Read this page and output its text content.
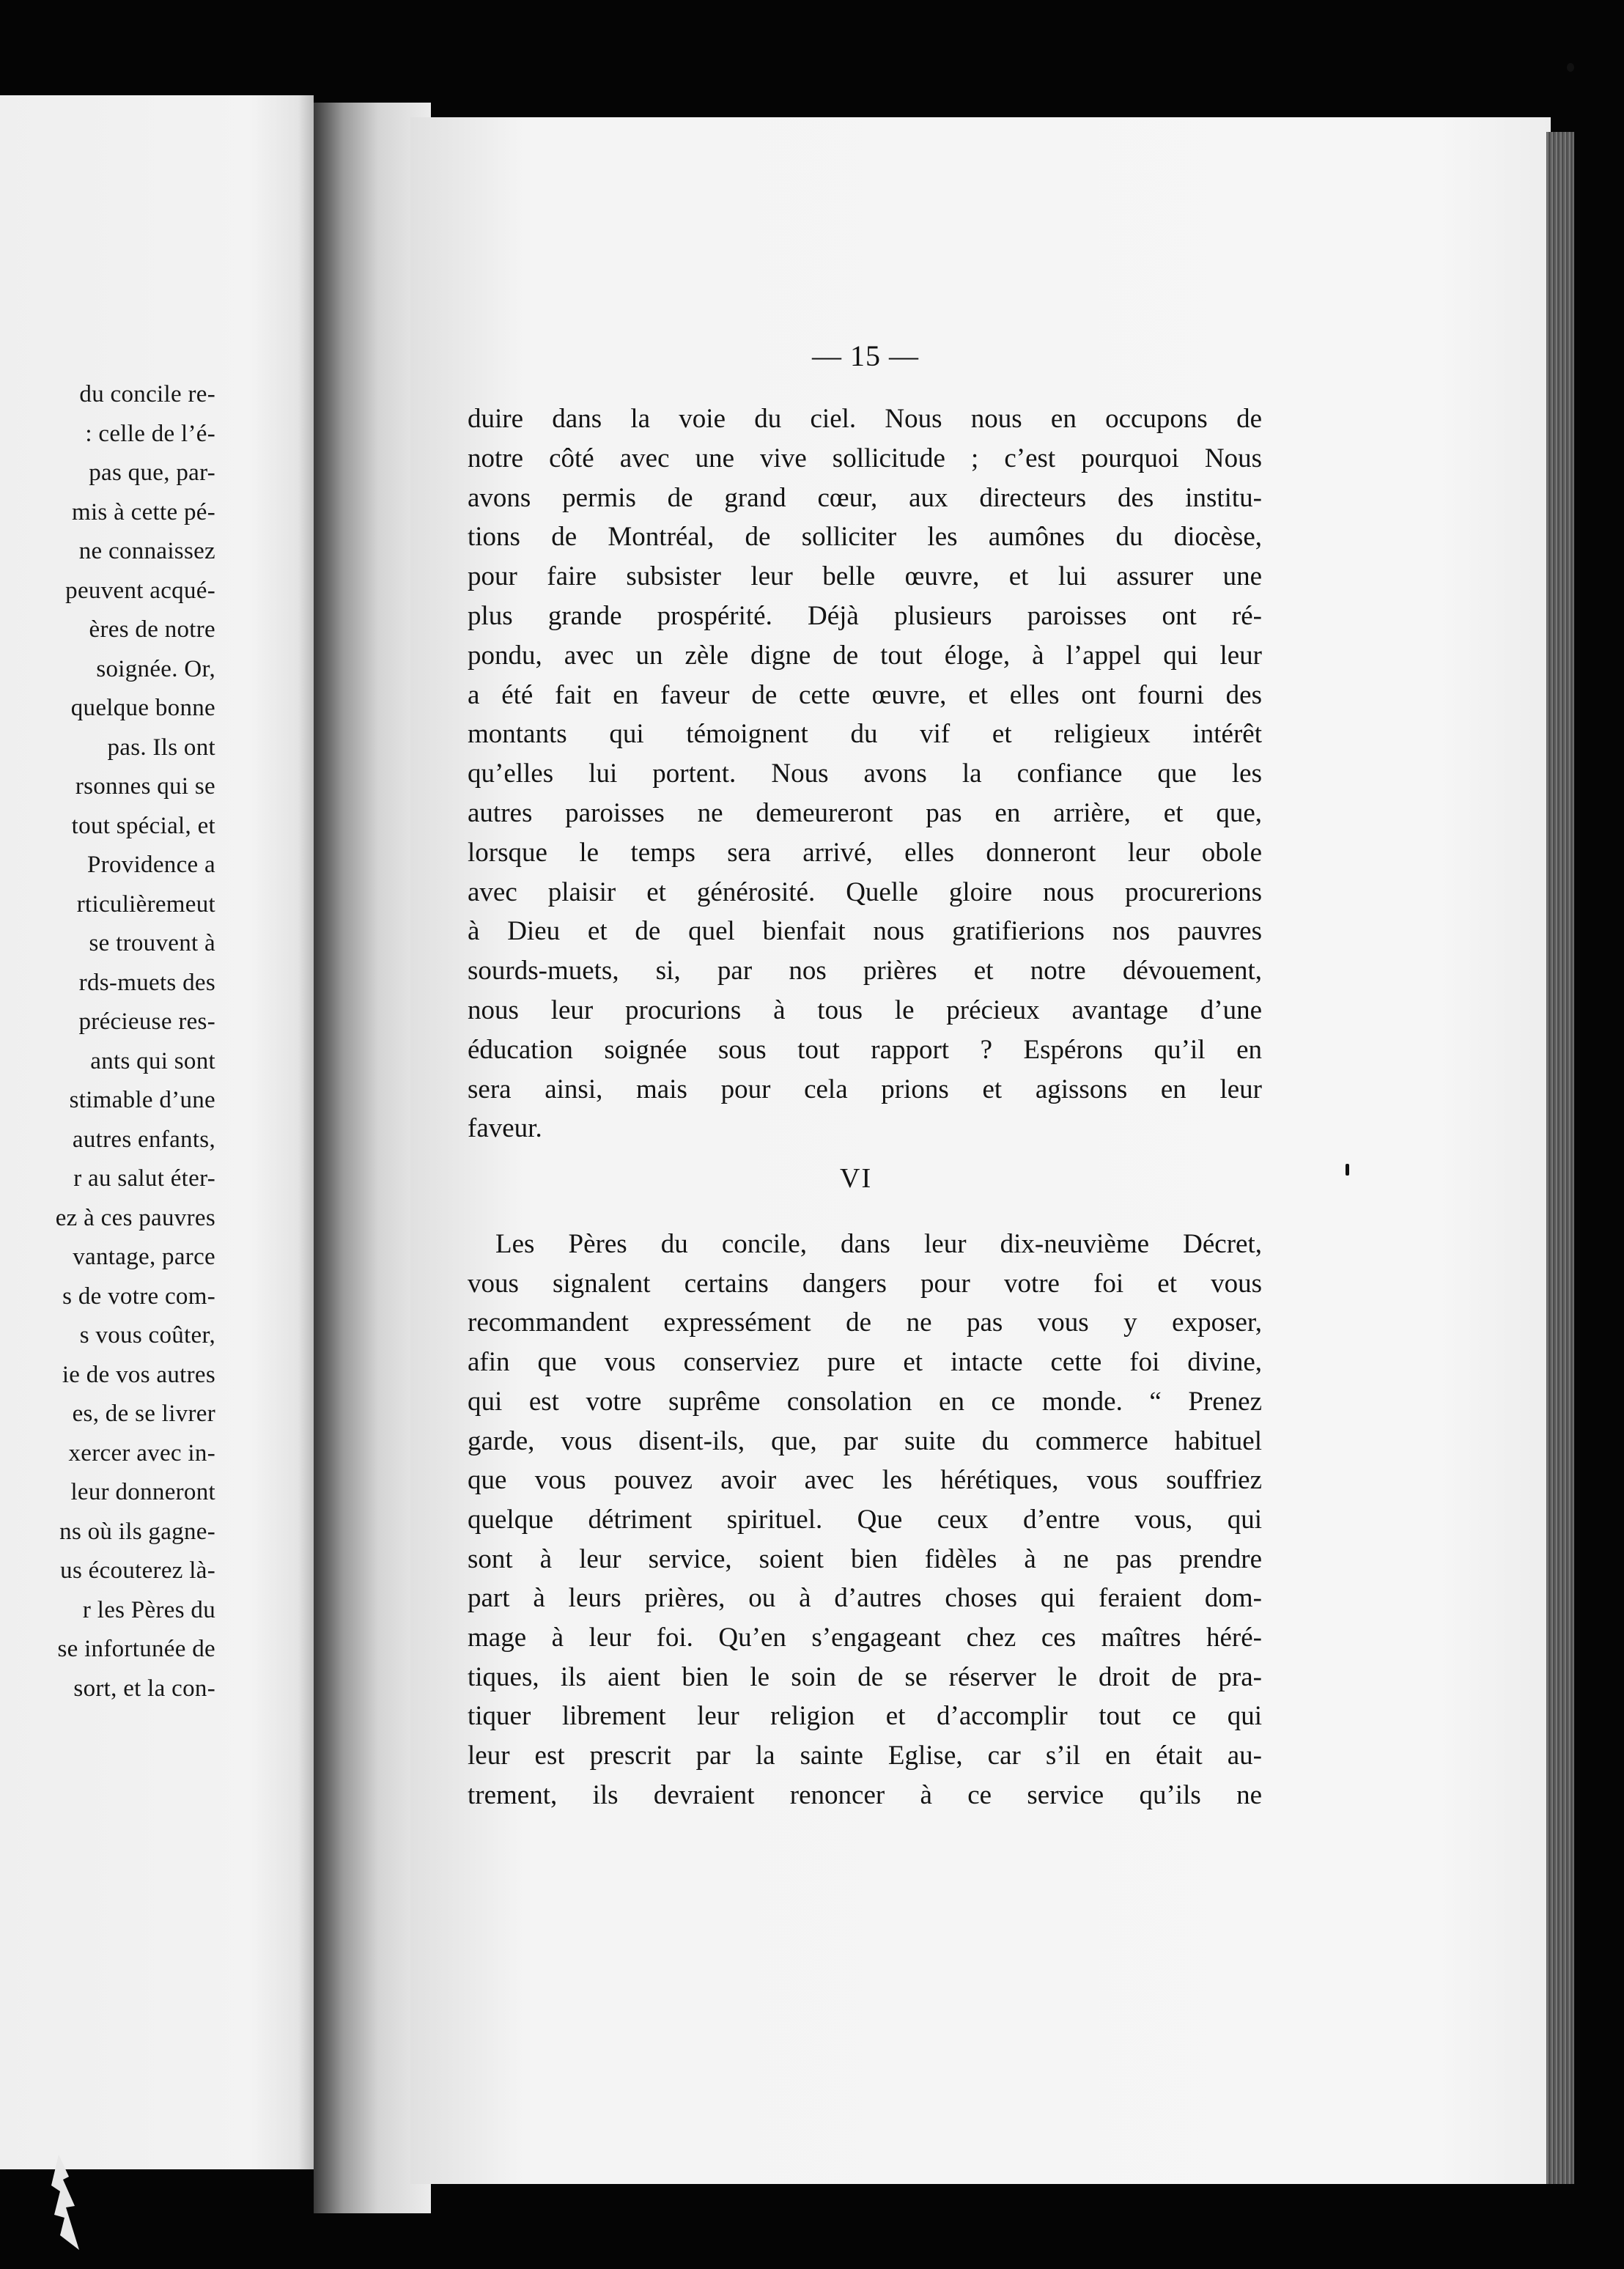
du concile re-
: celle de l’é-
pas que, par-
mis à cette pé-
ne connaissez
peuvent acqué-
ères de notre
soignée. Or,
quelque bonne
pas. Ils ont
rsonnes qui se
tout spécial, et
Providence a
rticulièremeut
se trouvent à
rds-muets des
précieuse res-
ants qui sont
stimable d’une
autres enfants,
r au salut éter-
ez à ces pauvres
vantage, parce
s de votre com-
s vous coûter,
ie de vos autres
es, de se livrer
xercer avec in-
leur donneront
ns où ils gagne-
us écouterez là-
r les Pères du
se infortunée de
sort, et la con-
— 15 —
duire dans la voie du ciel. Nous nous en occupons de
notre côté avec une vive sollicitude ; c’est pourquoi Nous
avons permis de grand cœur, aux directeurs des institu-
tions de Montréal, de solliciter les aumônes du diocèse,
pour faire subsister leur belle œuvre, et lui assurer une
plus grande prospérité. Déjà plusieurs paroisses ont ré-
pondu, avec un zèle digne de tout éloge, à l’appel qui leur
a été fait en faveur de cette œuvre, et elles ont fourni des
montants qui témoignent du vif et religieux intérêt
qu’elles lui portent. Nous avons la confiance que les
autres paroisses ne demeureront pas en arrière, et que,
lorsque le temps sera arrivé, elles donneront leur obole
avec plaisir et générosité. Quelle gloire nous procurerions
à Dieu et de quel bienfait nous gratifierions nos pauvres
sourds-muets, si, par nos prières et notre dévouement,
nous leur procurions à tous le précieux avantage d’une
éducation soignée sous tout rapport ? Espérons qu’il en
sera ainsi, mais pour cela prions et agissons en leur
faveur.
VI
Les Pères du concile, dans leur dix-neuvième Décret,
vous signalent certains dangers pour votre foi et vous
recommandent expressément de ne pas vous y exposer,
afin que vous conserviez pure et intacte cette foi divine,
qui est votre suprême consolation en ce monde. “ Prenez
garde, vous disent-ils, que, par suite du commerce habituel
que vous pouvez avoir avec les hérétiques, vous souffriez
quelque détriment spirituel. Que ceux d’entre vous, qui
sont à leur service, soient bien fidèles à ne pas prendre
part à leurs prières, ou à d’autres choses qui feraient dom-
mage à leur foi. Qu’en s’engageant chez ces maîtres héré-
tiques, ils aient bien le soin de se réserver le droit de pra-
tiquer librement leur religion et d’accomplir tout ce qui
leur est prescrit par la sainte Eglise, car s’il en était au-
trement, ils devraient renoncer à ce service qu’ils ne
